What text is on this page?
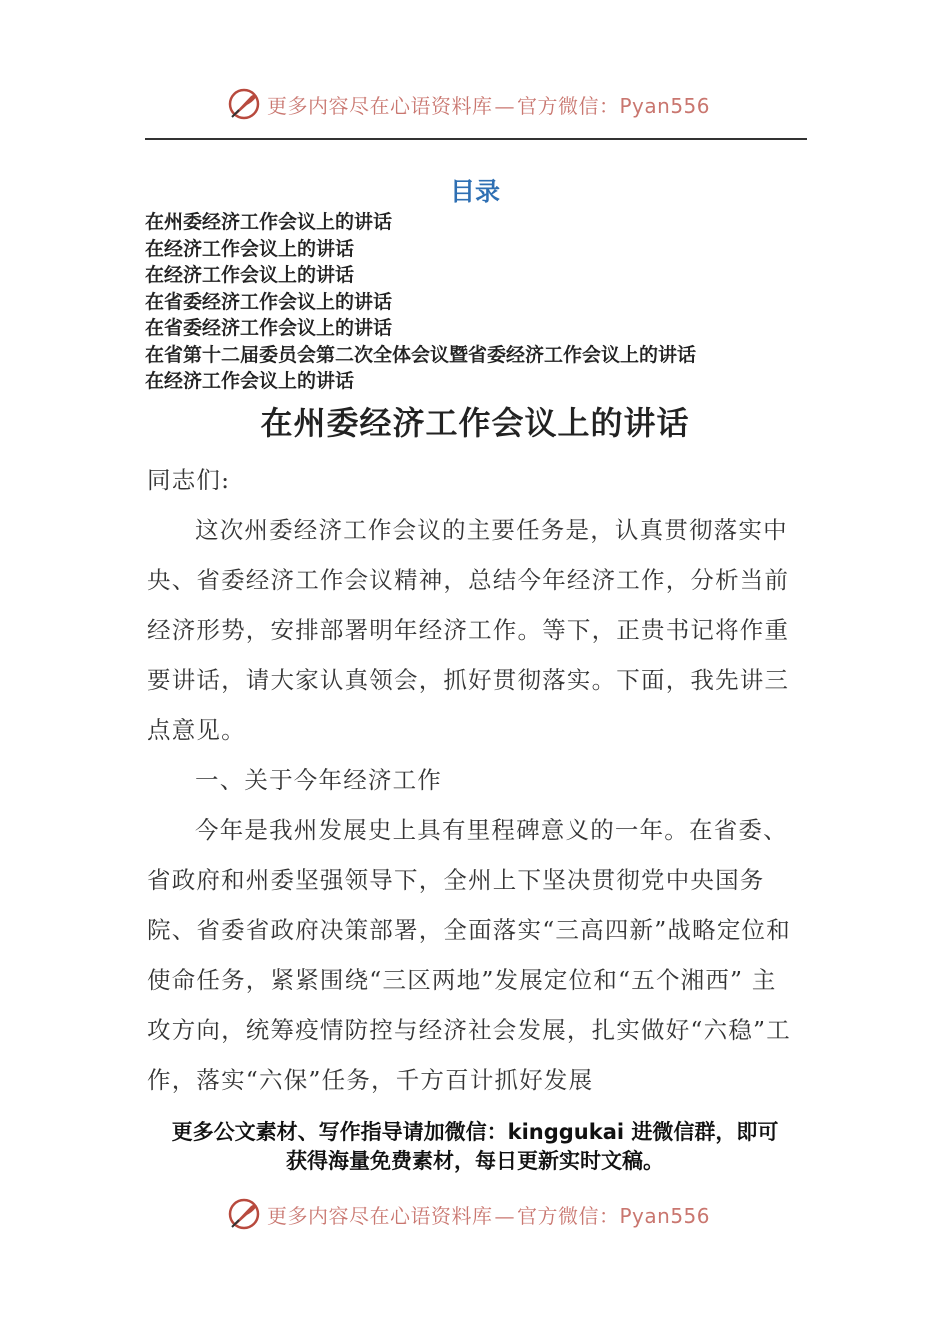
更多内容尽在心语资料库 — 官方微信：Pyan556
目录
在州委经济工作会议上的讲话
在经济工作会议上的讲话
在经济工作会议上的讲话
在省委经济工作会议上的讲话
在省委经济工作会议上的讲话
在省第十二届委员会第二次全体会议暨省委经济工作会议上的讲话
在经济工作会议上的讲话
在州委经济工作会议上的讲话

同志们:

这次州委经济工作会议的主要任务是，认真贯彻落实中央、省委经济工作会议精神，总结今年经济工作，分析当前经济形势，安排部署明年经济工作。等下，正贵书记将作重要讲话，请大家认真领会，抓好贯彻落实。下面，我先讲三点意见。

一、关于今年经济工作

今年是我州发展史上具有里程碑意义的一年。在省委、省政府和州委坚强领导下，全州上下坚决贯彻党中央国务院、省委省政府决策部署，全面落实“三高四新”战略定位和使命任务，紧紧围绕“三区两地”发展定位和“五个湘西” 主攻方向，统筹疫情防控与经济社会发展，扎实做好“六稳”工作，落实“六保”任务，千方百计抓好发展

更多公文素材、写作指导请加微信：kinggukai 进微信群，即可
获得海量免费素材，每日更新实时文稿。
更多内容尽在心语资料库 — 官方微信：Pyan556
